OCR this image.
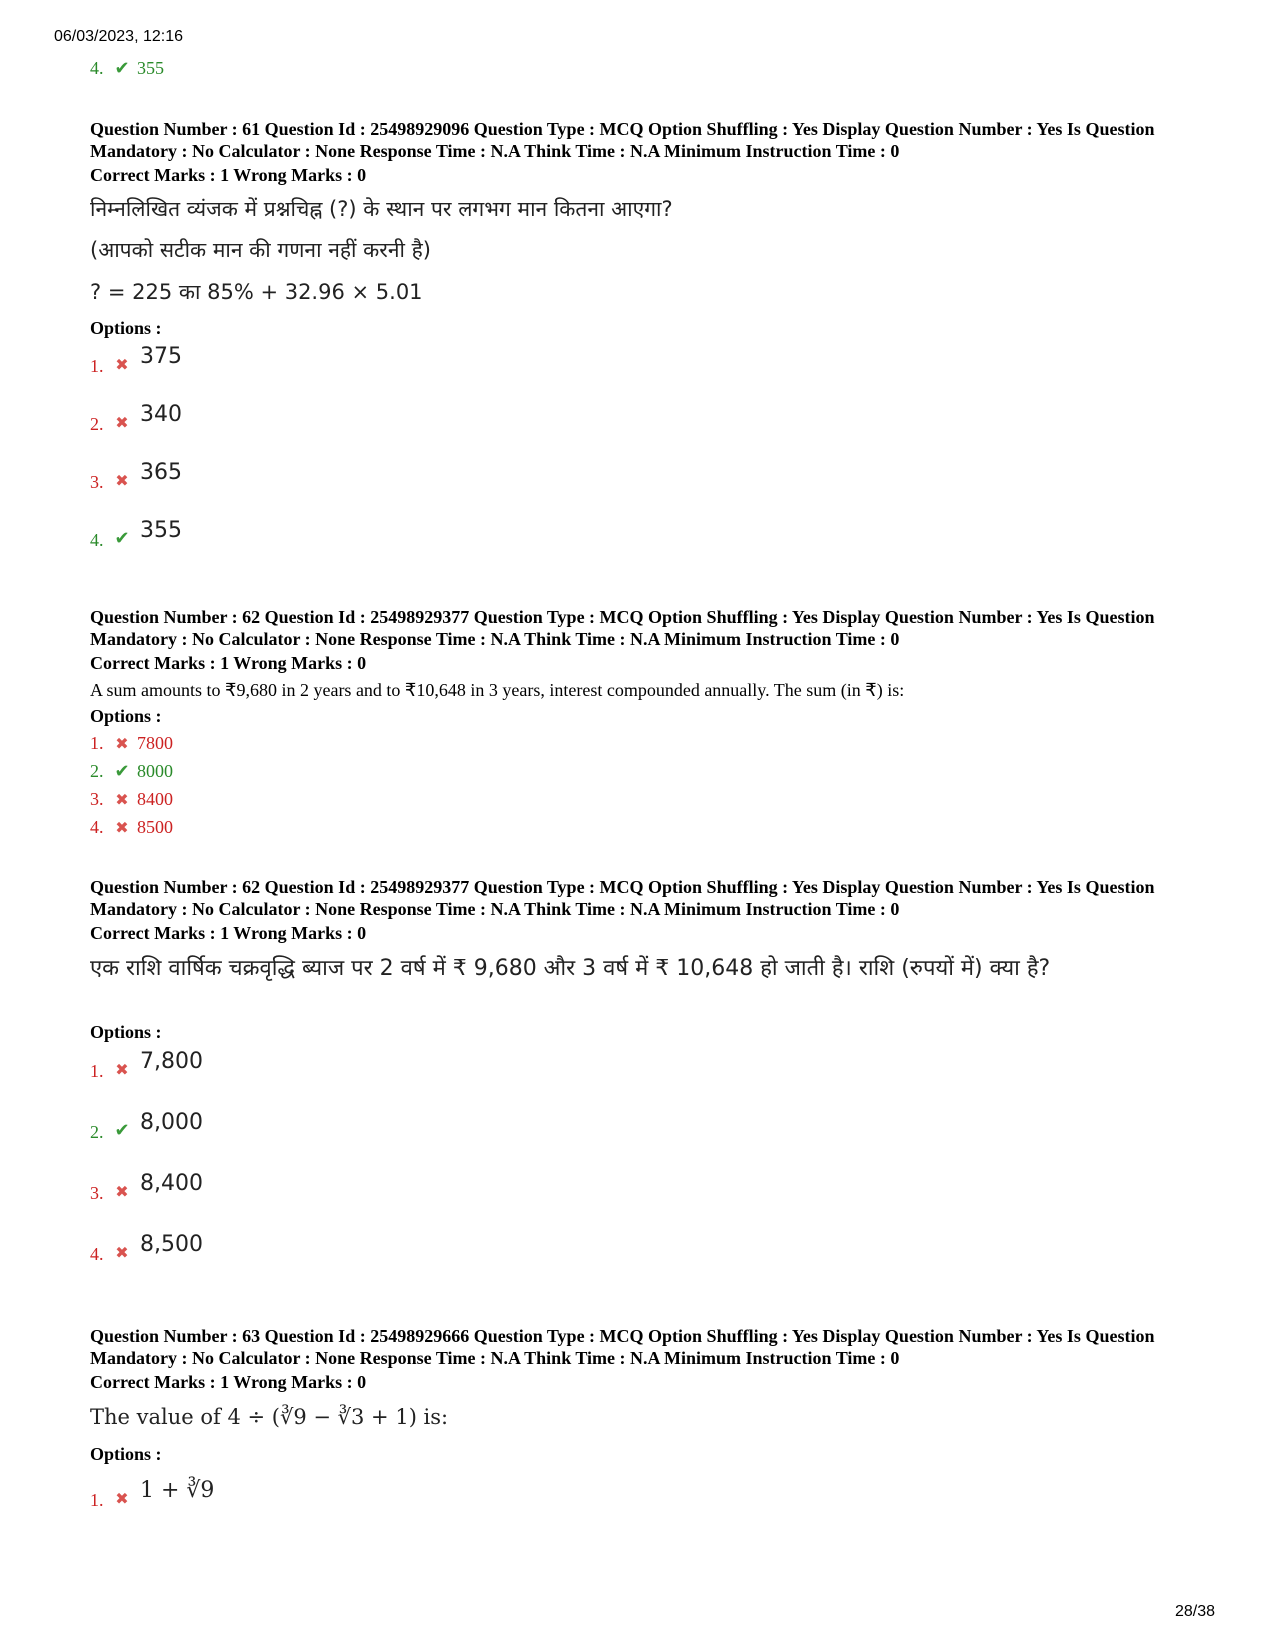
06/03/2023, 12:16
4. ✔ 355
Question Number : 61 Question Id : 25498929096 Question Type : MCQ Option Shuffling : Yes Display Question Number : Yes Is Question Mandatory : No Calculator : None Response Time : N.A Think Time : N.A Minimum Instruction Time : 0
Correct Marks : 1 Wrong Marks : 0
निम्नलिखित व्यंजक में प्रश्नचिह्न (?) के स्थान पर लगभग मान कितना आएगा?
(आपको सटीक मान की गणना नहीं करनी है)
? = 225 का 85% + 32.96 × 5.01
Options :
1. ✖ 375
2. ✖ 340
3. ✖ 365
4. ✔ 355
Question Number : 62 Question Id : 25498929377 Question Type : MCQ Option Shuffling : Yes Display Question Number : Yes Is Question Mandatory : No Calculator : None Response Time : N.A Think Time : N.A Minimum Instruction Time : 0
Correct Marks : 1 Wrong Marks : 0
A sum amounts to ₹9,680 in 2 years and to ₹10,648 in 3 years, interest compounded annually. The sum (in ₹) is:
Options :
1. ✖ 7800
2. ✔ 8000
3. ✖ 8400
4. ✖ 8500
Question Number : 62 Question Id : 25498929377 Question Type : MCQ Option Shuffling : Yes Display Question Number : Yes Is Question Mandatory : No Calculator : None Response Time : N.A Think Time : N.A Minimum Instruction Time : 0
Correct Marks : 1 Wrong Marks : 0
एक राशि वार्षिक चक्रवृद्धि ब्याज पर 2 वर्ष में ₹ 9,680 और 3 वर्ष में ₹ 10,648 हो जाती है। राशि (रुपयों में) क्या है?
Options :
1. ✖ 7,800
2. ✔ 8,000
3. ✖ 8,400
4. ✖ 8,500
Question Number : 63 Question Id : 25498929666 Question Type : MCQ Option Shuffling : Yes Display Question Number : Yes Is Question Mandatory : No Calculator : None Response Time : N.A Think Time : N.A Minimum Instruction Time : 0
Correct Marks : 1 Wrong Marks : 0
The value of 4 ÷ (∛9 − ∛3 + 1) is:
Options :
1. ✖ 1 + ∛9
28/38
